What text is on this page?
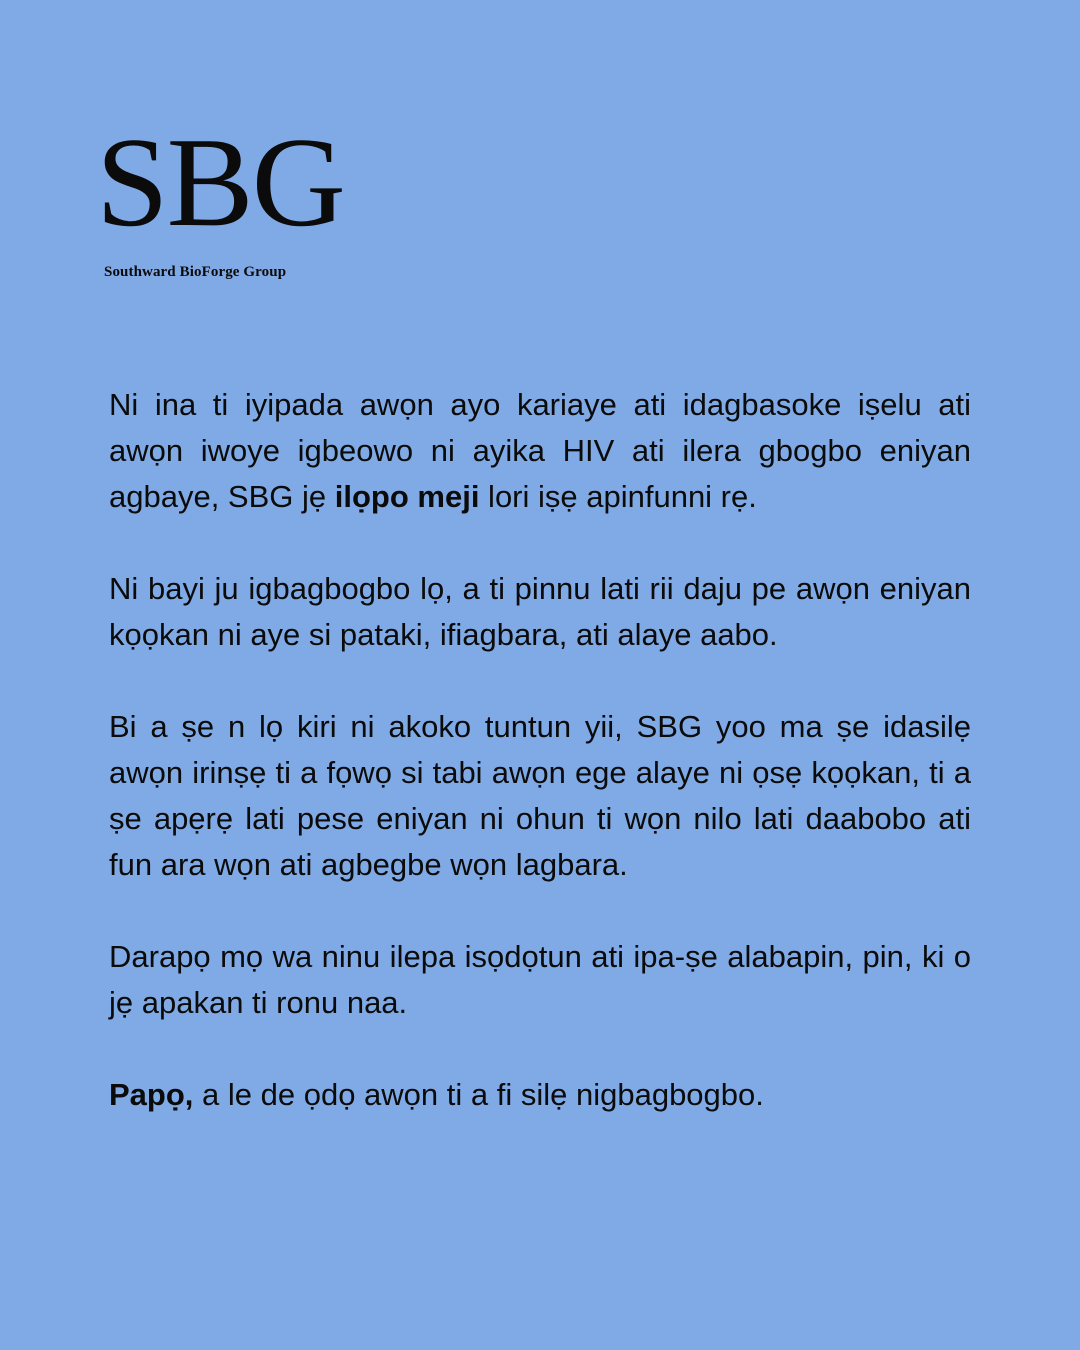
SBG
Southward BioForge Group

Ni ina ti iyipada awọn ayo kariaye ati idagbasoke iṣelu ati awọn iwoye igbeowo ni ayika HIV ati ilera gbogbo eniyan agbaye, SBG jẹ ilọpo meji lori iṣẹ apinfunni rẹ.

Ni bayi ju igbagbogbo lọ, a ti pinnu lati rii daju pe awọn eniyan kọọkan ni aye si pataki, ifiagbara, ati alaye aabo.

Bi a ṣe n lọ kiri ni akoko tuntun yii, SBG yoo ma ṣe idasilẹ awọn irinṣẹ ti a fọwọ si tabi awọn ege alaye ni ọsẹ kọọkan, ti a ṣe apẹrẹ lati pese eniyan ni ohun ti wọn nilo lati daabobo ati fun ara wọn ati agbegbe wọn lagbara.

Darapọ mọ wa ninu ilepa isọdọtun ati ipa-ṣe alabapin, pin, ki o jẹ apakan ti ronu naa.

Papọ, a le de ọdọ awọn ti a fi silẹ nigbagbogbo.
